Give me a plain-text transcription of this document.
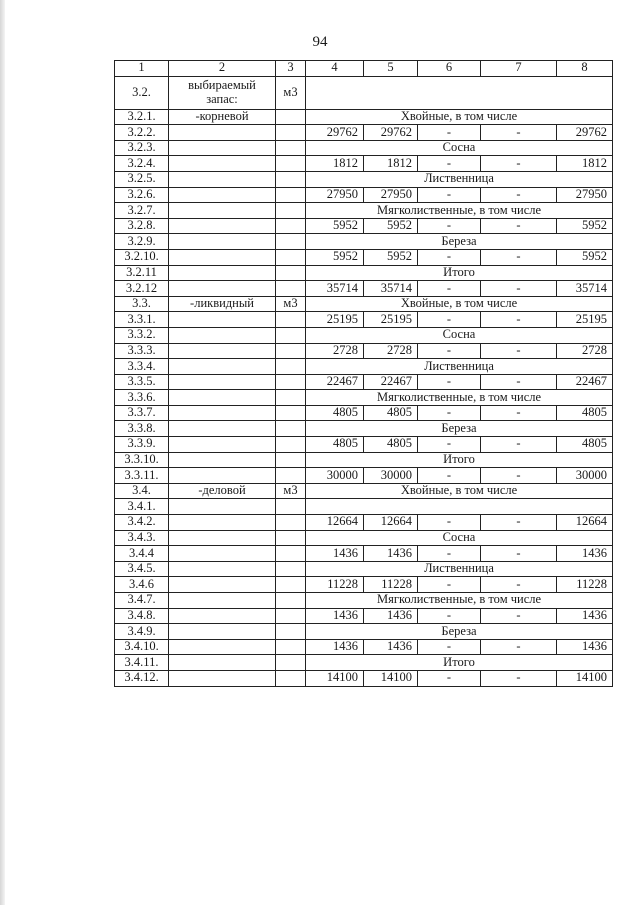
94
1	2	3	4	5	6	7	8
3.2.	выбираемый запас:	м3					
3.2.1.	-корневой		Хвойные, в том числе				
3.2.2.			29762	29762	-	-	29762
3.2.3.			Сосна				
3.2.4.			1812	1812	-	-	1812
3.2.5.			Лиственница				
3.2.6.			27950	27950	-	-	27950
3.2.7.			Мягколиственные, в том числе				
3.2.8.			5952	5952	-	-	5952
3.2.9.			Береза				
3.2.10.			5952	5952	-	-	5952
3.2.11			Итого				
3.2.12			35714	35714	-	-	35714
3.3.	-ликвидный	м3	Хвойные, в том числе				
3.3.1.			25195	25195	-	-	25195
3.3.2.			Сосна				
3.3.3.			2728	2728	-	-	2728
3.3.4.			Лиственница				
3.3.5.			22467	22467	-	-	22467
3.3.6.			Мягколиственные, в том числе				
3.3.7.			4805	4805	-	-	4805
3.3.8.			Береза				
3.3.9.			4805	4805	-	-	4805
3.3.10.			Итого				
3.3.11.			30000	30000	-	-	30000
3.4.	-деловой	м3	Хвойные, в том числе				
3.4.1.							
3.4.2.			12664	12664	-	-	12664
3.4.3.			Сосна				
3.4.4			1436	1436	-	-	1436
3.4.5.			Лиственница				
3.4.6			11228	11228	-	-	11228
3.4.7.			Мягколиственные, в том числе				
3.4.8.			1436	1436	-	-	1436
3.4.9.			Береза				
3.4.10.			1436	1436	-	-	1436
3.4.11.			Итого				
3.4.12.			14100	14100	-	-	14100
